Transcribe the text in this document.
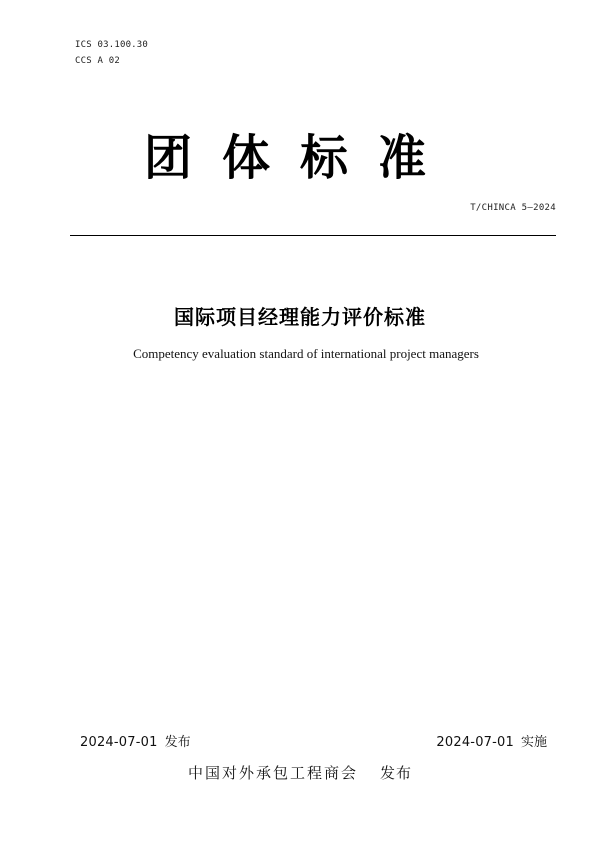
ICS 03.100.30
CCS A 02
团体标准
T/CHINCA 5—2024
国际项目经理能力评价标准
Competency evaluation standard of international project managers
2024-07-01 发布	2024-07-01 实施
中国对外承包工程商会 发布
